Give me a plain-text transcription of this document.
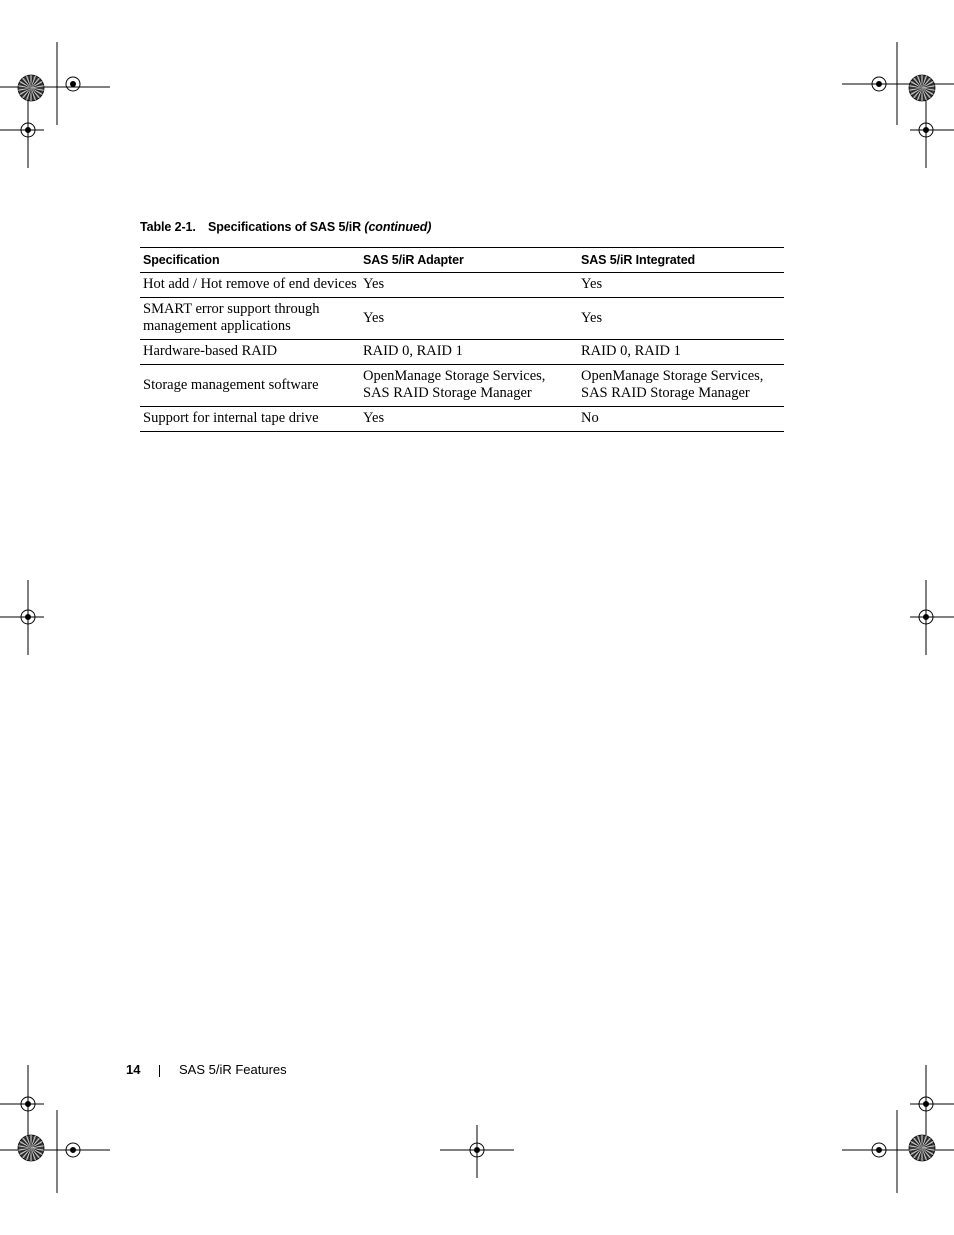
Table 2-1. Specifications of SAS 5/iR (continued)
Specification	SAS 5/iR Adapter	SAS 5/iR Integrated
Hot add / Hot remove of end devices	Yes	Yes
SMART error support through management applications	Yes	Yes
Hardware-based RAID	RAID 0, RAID 1	RAID 0, RAID 1
Storage management software	OpenManage Storage Services, SAS RAID Storage Manager	OpenManage Storage Services, SAS RAID Storage Manager
Support for internal tape drive	Yes	No
14	SAS 5/iR Features
